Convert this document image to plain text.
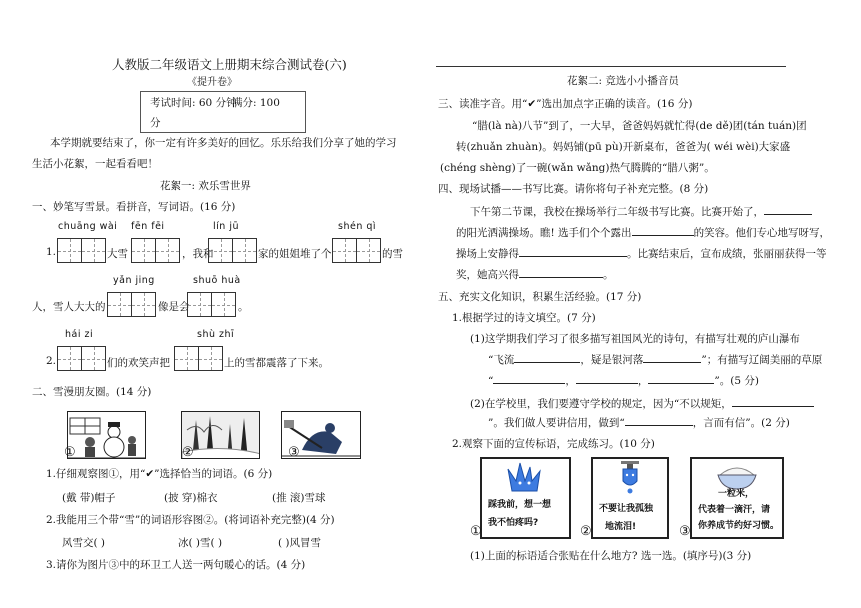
人教版二年级语文上册期末综合测试卷(六)
《提升卷》
考试时间: 60 分钟
满分: 100
分
本学期就要结束了，你一定有许多美好的回忆。乐乐给我们分享了她的学习
生活小花絮，一起看看吧！
花絮一: 欢乐雪世界
一、妙笔写雪景。看拼音，写词语。(16 分)
chuāng wài fēn fēi	lín jū	shén qì
1.	大雪	，我和	家的姐姐堆了个	的雪
yǎn jing	shuō huà
人，雪人大大的	像是会	。
hái zi	shù zhī
2.	们的欢笑声把	上的雪都震落了下来。
二、雪漫朋友圈。(14 分)
①	②	③
1.仔细观察图①，用“✔”选择恰当的词语。(6 分)
(戴 带)帽子	(披 穿)棉衣	(推 滚)雪球
2.我能用三个带“雪”的词语形容图②。(将词语补充完整)(4 分)
风雪交( )	冰( )雪( )	( )风冒雪
3.请你为图片③中的环卫工人送一两句暖心的话。(4 分)
花絮二: 竞选小小播音员
三、读准字音。用“✔”选出加点字正确的读音。(16 分)
“腊(là nà)八节”到了，一大早，爸爸妈妈就忙得(de dě)团(tán tuán)团
转(zhuǎn zhuàn)。妈妈铺(pū pù)开新桌布，爸爸为( wéi wèi)大家盛
(chéng shèng)了一碗(wǎn wǎng)热气腾腾的“腊八粥”。
四、现场试播——书写比赛。请你将句子补充完整。(8 分)
下午第二节课，我校在操场举行二年级书写比赛。比赛开始了，
的阳光洒满操场。瞧! 选手们个个露出	的笑容。他们专心地写呀写，
操场上安静得	。比赛结束后，宣布成绩，张丽丽获得一等
奖，她高兴得	。
五、充实文化知识，积累生活经验。(17 分)
1.根据学过的诗文填空。(7 分)
(1)这学期我们学习了很多描写祖国风光的诗句，有描写壮观的庐山瀑布
“飞流	，疑是银河落	”；有描写辽阔美丽的草原
“	，	，	”。(5 分)
(2)在学校里，我们要遵守学校的规定，因为“不以规矩，
”。我们做人要讲信用，做到“	，言而有信”。(2 分)
2.观察下面的宣传标语，完成练习。(10 分)
踩我前，想一想
我不怕疼吗?
①
不要让我孤独
地流泪!
②
一粒米，
代表着一滴汗，请
你养成节约好习惯。
③
(1)上面的标语适合张贴在什么地方? 选一选。(填序号)(3 分)
